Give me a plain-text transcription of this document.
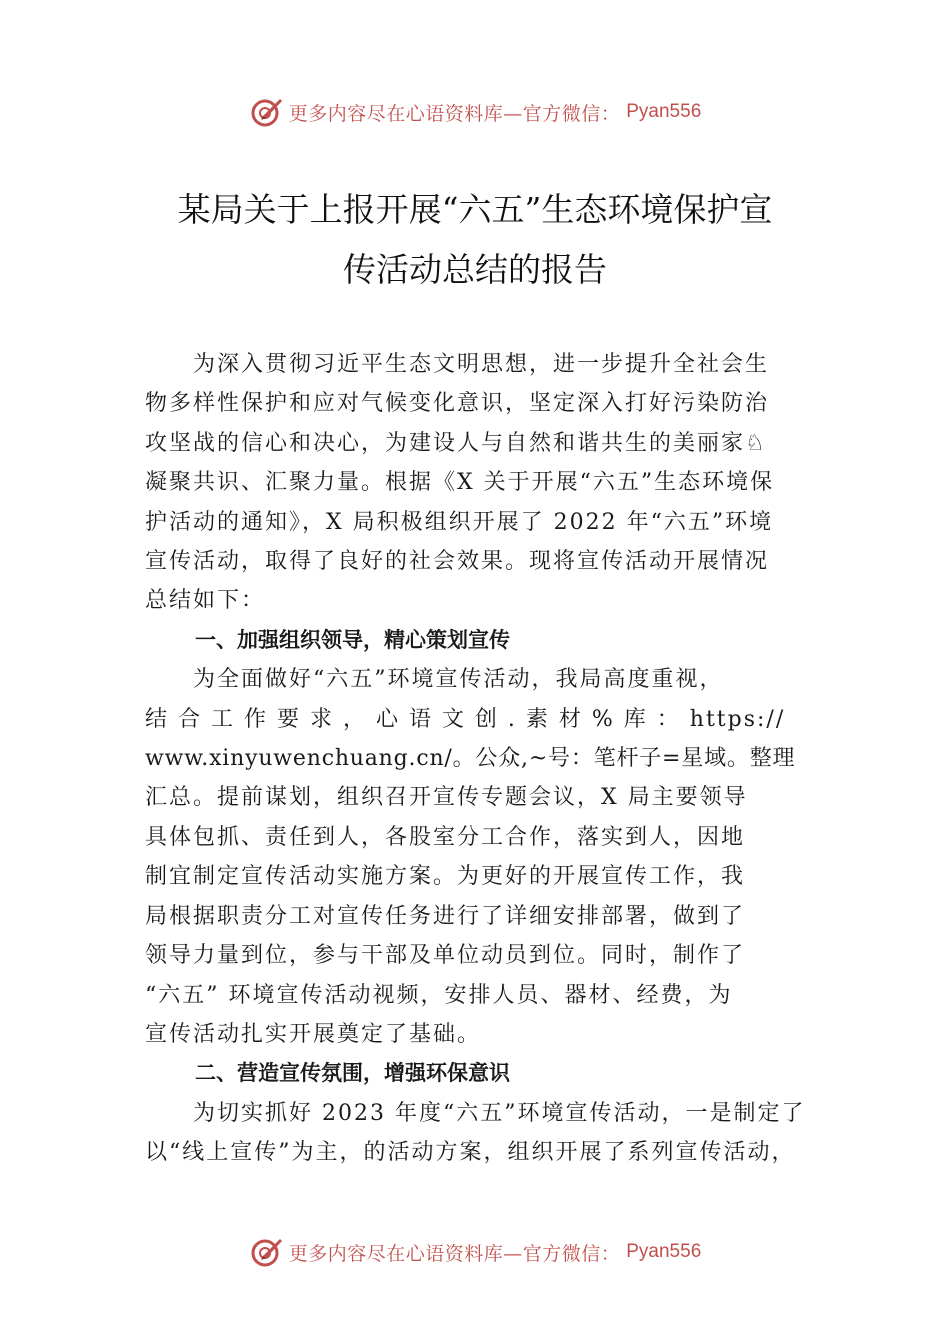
更多内容尽在心语资料库—官方微信： Pyan556
某局关于上报开展“六五”生态环境保护宣
传活动总结的报告

为深入贯彻习近平生态文明思想，进一步提升全社会生
物多样性保护和应对气候变化意识，坚定深入打好污染防治
攻坚战的信心和决心，为建设人与自然和谐共生的美丽家♘
凝聚共识、汇聚力量。根据《X 关于开展“六五”生态环境保
护活动的通知》，X 局积极组织开展了 2022 年“六五”环境
宣传活动，取得了良好的社会效果。现将宣传活动开展情况
总结如下：

一、加强组织领导，精心策划宣传

为全面做好“六五”环境宣传活动，我局高度重视，
结 合 工 作 要 求 ， 心 语 文 创 . 素 材 % 库 ： https://
www.xinyuwenchuang.cn/。公众,~号：笔杆子=星域。整理
汇总。提前谋划，组织召开宣传专题会议，X 局主要领导
具体包抓、责任到人，各股室分工合作，落实到人，因地
制宜制定宣传活动实施方案。为更好的开展宣传工作，我
局根据职责分工对宣传任务进行了详细安排部署，做到了
领导力量到位，参与干部及单位动员到位。同时，制作了
“六五” 环境宣传活动视频，安排人员、器材、经费，为
宣传活动扎实开展奠定了基础。

二、营造宣传氛围，增强环保意识

为切实抓好 2023 年度“六五”环境宣传活动，一是制定了
以“线上宣传”为主，的活动方案，组织开展了系列宣传活动，

更多内容尽在心语资料库—官方微信： Pyan556
